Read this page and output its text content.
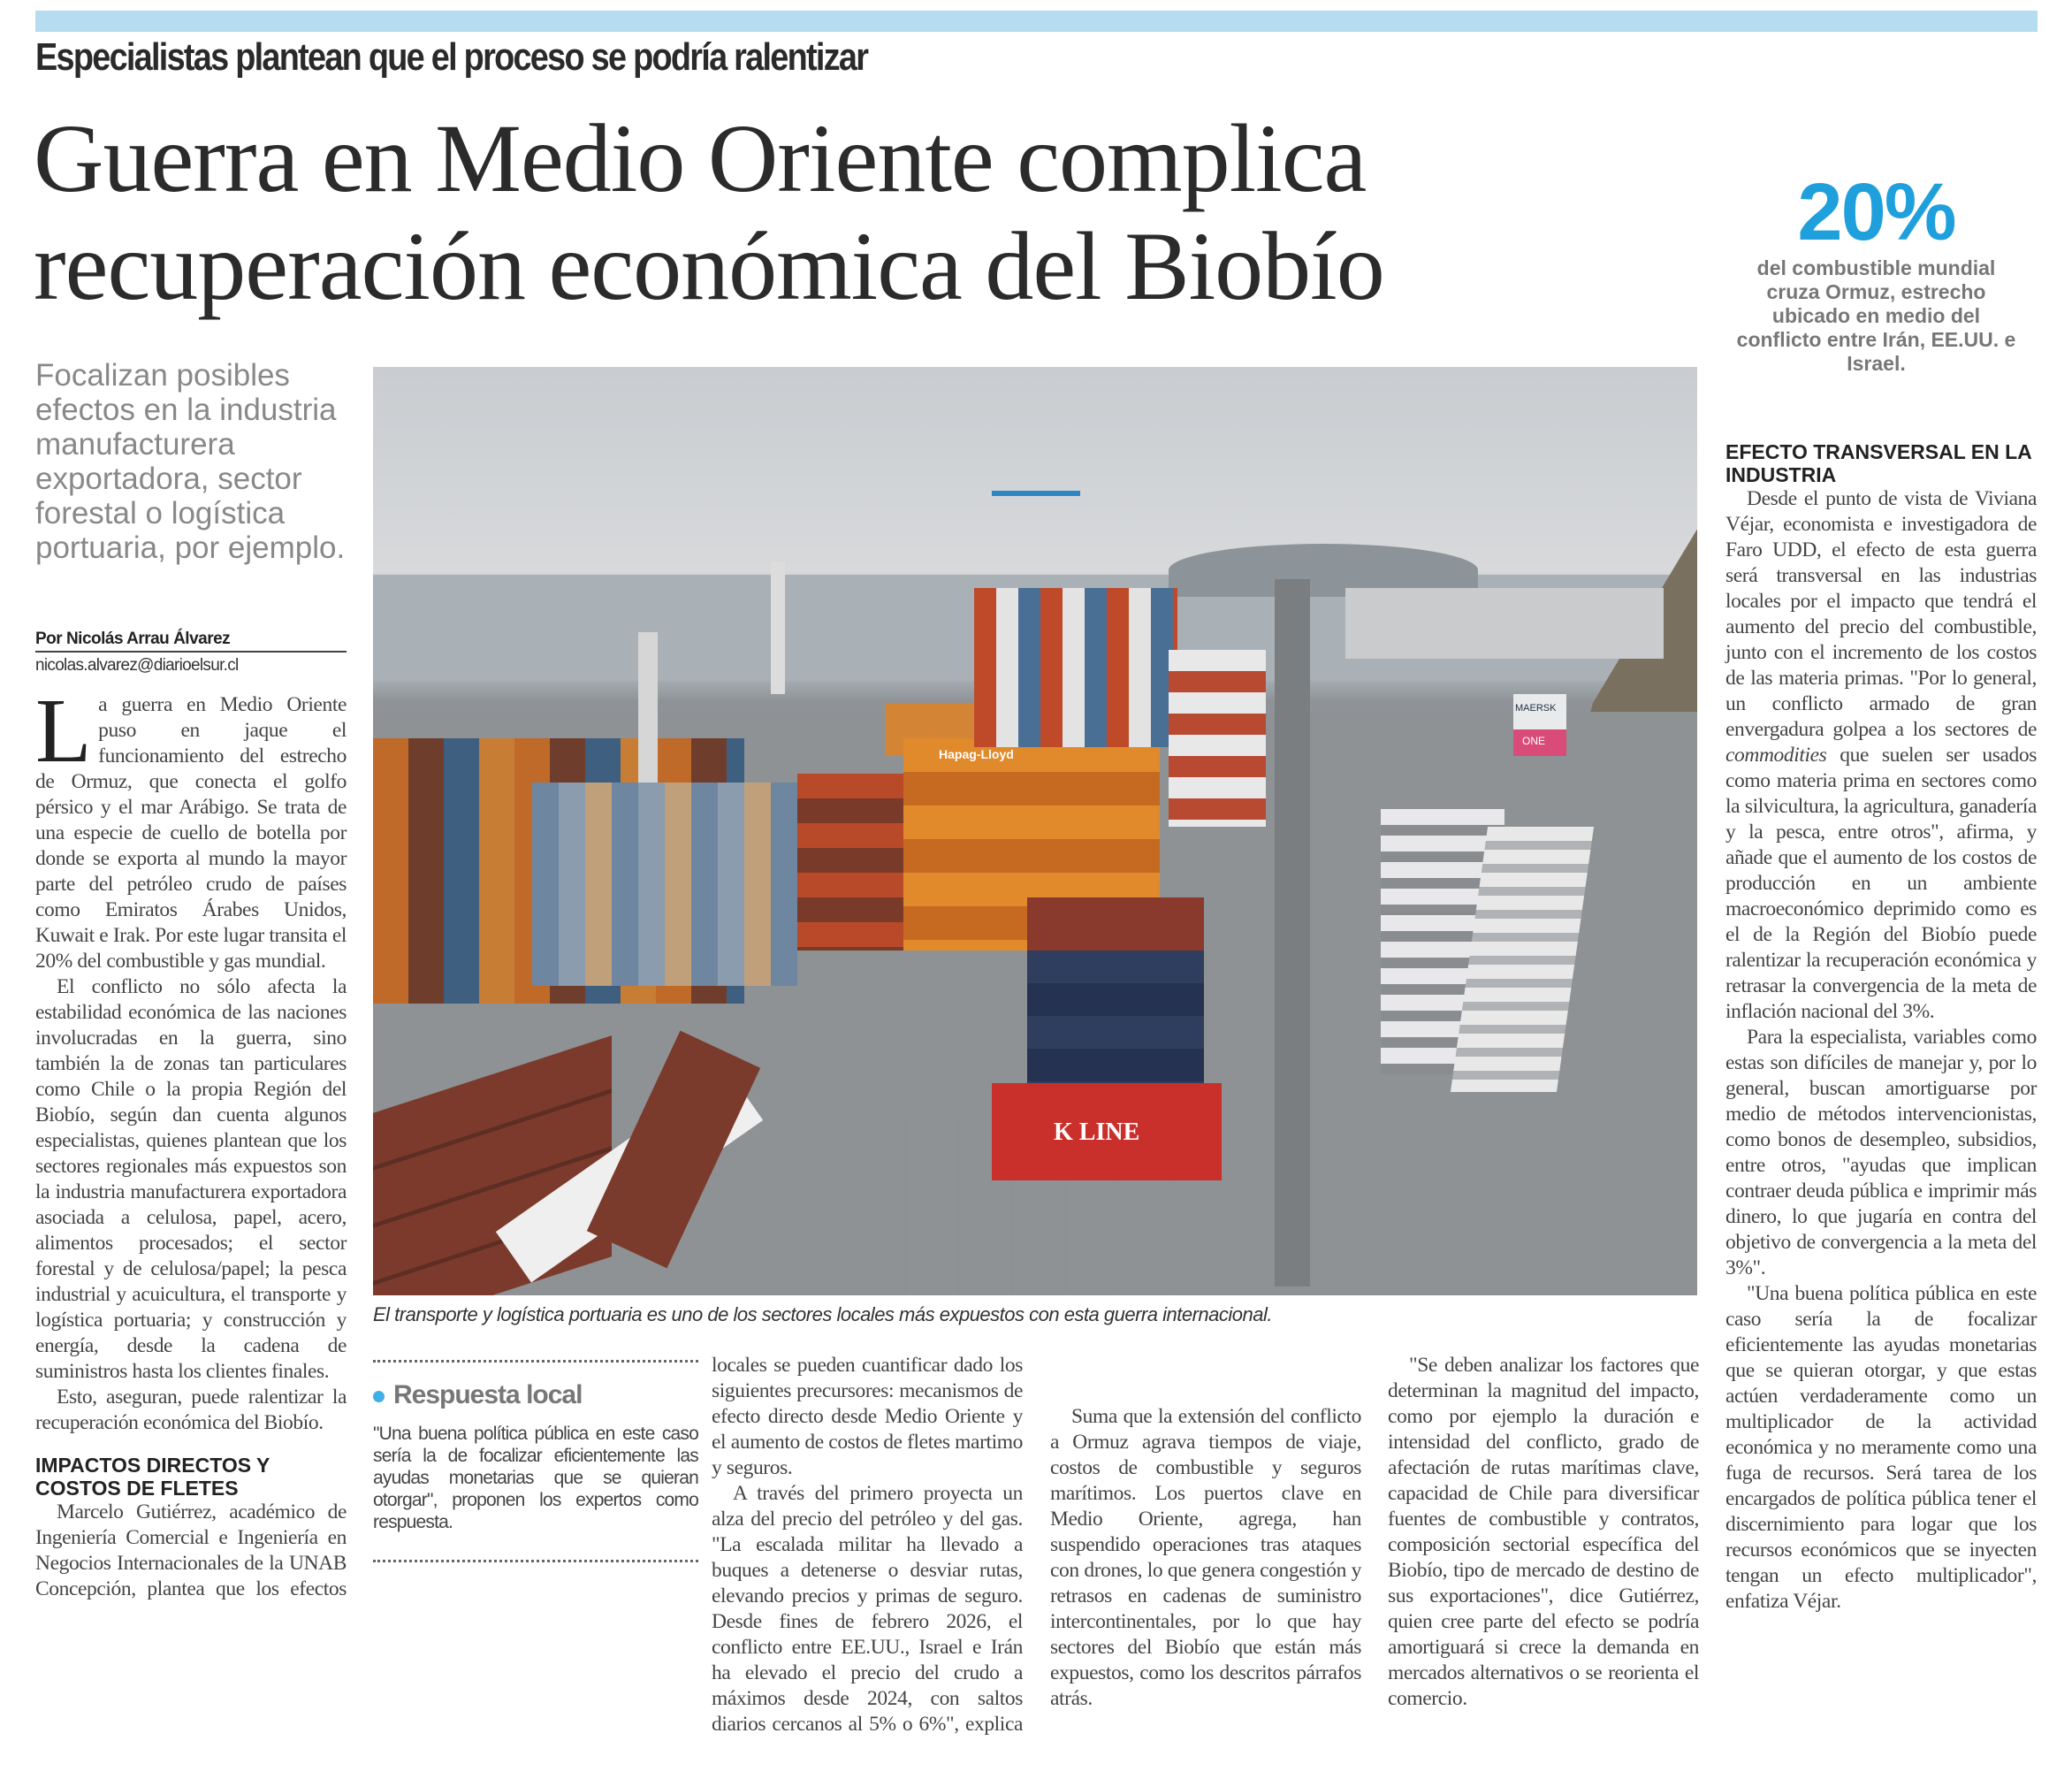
Especialistas plantean que el proceso se podría ralentizar
Guerra en Medio Oriente complica recuperación económica del Biobío	20%
del combustible mundial cruza Ormuz, estrecho ubicado en medio del conflicto entre Irán, EE.UU. e Israel.
Focalizan posibles efectos en la industria manufacturera exportadora, sector forestal o logística portuaria, por ejemplo.
Por Nicolás Arrau Álvarez
nicolas.alvarez@diarioelsur.cl

La guerra en Medio Oriente puso en jaque el funcionamiento del estrecho de Ormuz, que conecta el golfo pérsico y el mar Arábigo. Se trata de una especie de cuello de botella por donde se exporta al mundo la mayor parte del petróleo crudo de países como Emiratos Árabes Unidos, Kuwait e Irak. Por este lugar transita el 20% del combustible y gas mundial.

El conflicto no sólo afecta la estabilidad económica de las naciones involucradas en la guerra, sino también la de zonas tan particulares como Chile o la propia Región del Biobío, según dan cuenta algunos especialistas, quienes plantean que los sectores regionales más expuestos son la industria manufacturera exportadora asociada a celulosa, papel, acero, alimentos procesados; el sector forestal y de celulosa/papel; la pesca industrial y acuicultura, el transporte y logística portuaria; y construcción y energía, desde la cadena de suministros hasta los clientes finales.

Esto, aseguran, puede ralentizar la recuperación económica del Biobío.

IMPACTOS DIRECTOS Y COSTOS DE FLETES

Marcelo Gutiérrez, académico de Ingeniería Comercial e Ingeniería en Negocios Internacionales de la UNAB Concepción, plantea que los efectos

Hapag-Lloyd
K LINE
MAERSK
ONE
El transporte y logística portuaria es uno de los sectores locales más expuestos con esta guerra internacional.
Respuesta local

"Una buena política pública en este caso sería la de focalizar eficientemente las ayudas monetarias que se quieran otorgar", proponen los expertos como respuesta.

locales se pueden cuantificar dado los siguientes precursores: mecanismos de efecto directo desde Medio Oriente y el aumento de costos de fletes martimo y seguros.

A través del primero proyecta un alza del precio del petróleo y del gas. "La escalada militar ha llevado a buques a detenerse o desviar rutas, elevando precios y primas de seguro. Desde fines de febrero 2026, el conflicto entre EE.UU., Israel e Irán ha elevado el precio del crudo a máximos desde 2024, con saltos diarios cercanos al 5% o 6%", explica

Suma que la extensión del conflicto a Ormuz agrava tiempos de viaje, costos de combustible y seguros marítimos. Los puertos clave en Medio Oriente, agrega, han suspendido operaciones tras ataques con drones, lo que genera congestión y retrasos en cadenas de suministro intercontinentales, por lo que hay sectores del Biobío que están más expuestos, como los descritos párrafos atrás.

"Se deben analizar los factores que determinan la magnitud del impacto, como por ejemplo la duración e intensidad del conflicto, grado de afectación de rutas marítimas clave, capacidad de Chile para diversificar fuentes de combustible y contratos, composición sectorial específica del Biobío, tipo de mercado de destino de sus exportaciones", dice Gutiérrez, quien cree parte del efecto se podría amortiguará si crece la demanda en mercados alternativos o se reorienta el comercio.

EFECTO TRANSVERSAL EN LA INDUSTRIA

Desde el punto de vista de Viviana Véjar, economista e investigadora de Faro UDD, el efecto de esta guerra será transversal en las industrias locales por el impacto que tendrá el aumento del precio del combustible, junto con el incremento de los costos de las materia primas. "Por lo general, un conflicto armado de gran envergadura golpea a los sectores de commodities que suelen ser usados como materia prima en sectores como la silvicultura, la agricultura, ganadería y la pesca, entre otros", afirma, y añade que el aumento de los costos de producción en un ambiente macroeconómico deprimido como es el de la Región del Biobío puede ralentizar la recuperación económica y retrasar la convergencia de la meta de inflación nacional del 3%.

Para la especialista, variables como estas son difíciles de manejar y, por lo general, buscan amortiguarse por medio de métodos intervencionistas, como bonos de desempleo, subsidios, entre otros, "ayudas que implican contraer deuda pública e imprimir más dinero, lo que jugaría en contra del objetivo de convergencia a la meta del 3%".

"Una buena política pública en este caso sería la de focalizar eficientemente las ayudas monetarias que se quieran otorgar, y que estas actúen verdaderamente como un multiplicador de la actividad económica y no meramente como una fuga de recursos. Será tarea de los encargados de política pública tener el discernimiento para logar que los recursos económicos que se inyecten tengan un efecto multiplicador", enfatiza Véjar.
